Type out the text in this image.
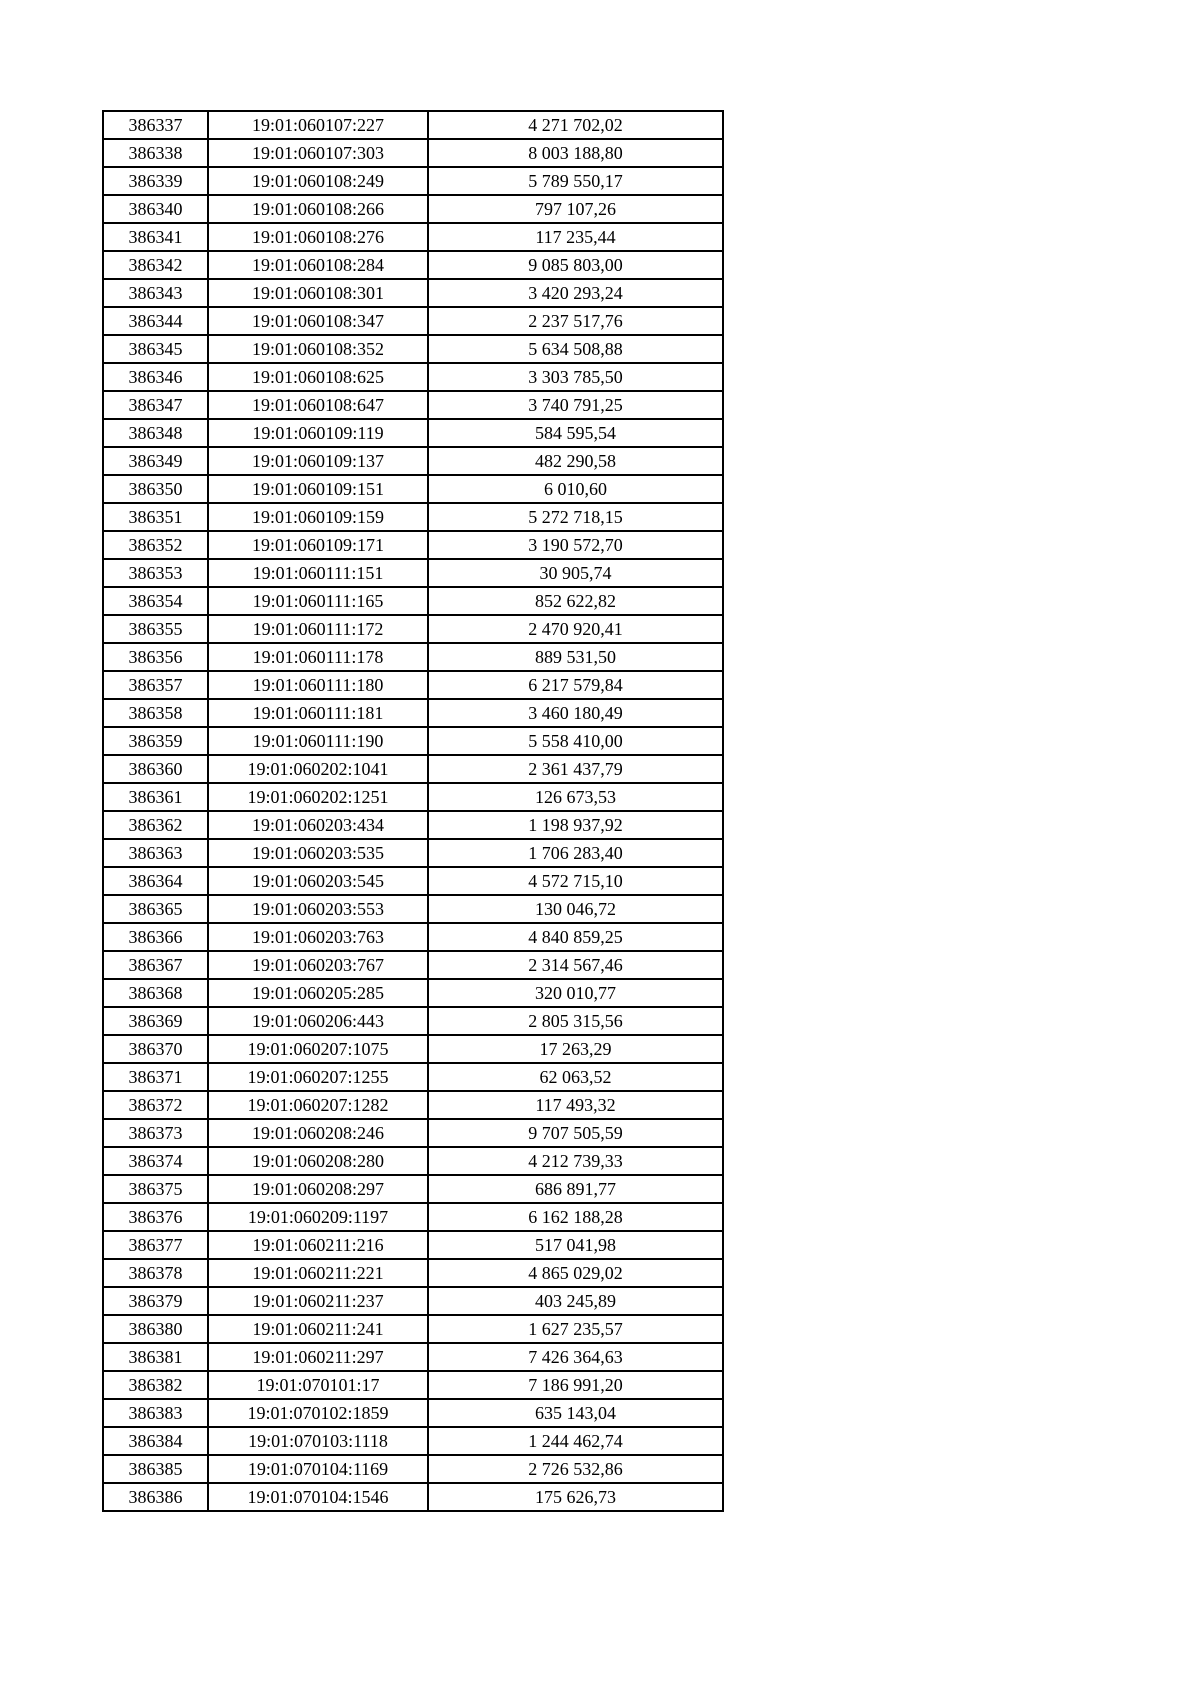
386337	19:01:060107:227	4 271 702,02
386338	19:01:060107:303	8 003 188,80
386339	19:01:060108:249	5 789 550,17
386340	19:01:060108:266	797 107,26
386341	19:01:060108:276	117 235,44
386342	19:01:060108:284	9 085 803,00
386343	19:01:060108:301	3 420 293,24
386344	19:01:060108:347	2 237 517,76
386345	19:01:060108:352	5 634 508,88
386346	19:01:060108:625	3 303 785,50
386347	19:01:060108:647	3 740 791,25
386348	19:01:060109:119	584 595,54
386349	19:01:060109:137	482 290,58
386350	19:01:060109:151	6 010,60
386351	19:01:060109:159	5 272 718,15
386352	19:01:060109:171	3 190 572,70
386353	19:01:060111:151	30 905,74
386354	19:01:060111:165	852 622,82
386355	19:01:060111:172	2 470 920,41
386356	19:01:060111:178	889 531,50
386357	19:01:060111:180	6 217 579,84
386358	19:01:060111:181	3 460 180,49
386359	19:01:060111:190	5 558 410,00
386360	19:01:060202:1041	2 361 437,79
386361	19:01:060202:1251	126 673,53
386362	19:01:060203:434	1 198 937,92
386363	19:01:060203:535	1 706 283,40
386364	19:01:060203:545	4 572 715,10
386365	19:01:060203:553	130 046,72
386366	19:01:060203:763	4 840 859,25
386367	19:01:060203:767	2 314 567,46
386368	19:01:060205:285	320 010,77
386369	19:01:060206:443	2 805 315,56
386370	19:01:060207:1075	17 263,29
386371	19:01:060207:1255	62 063,52
386372	19:01:060207:1282	117 493,32
386373	19:01:060208:246	9 707 505,59
386374	19:01:060208:280	4 212 739,33
386375	19:01:060208:297	686 891,77
386376	19:01:060209:1197	6 162 188,28
386377	19:01:060211:216	517 041,98
386378	19:01:060211:221	4 865 029,02
386379	19:01:060211:237	403 245,89
386380	19:01:060211:241	1 627 235,57
386381	19:01:060211:297	7 426 364,63
386382	19:01:070101:17	7 186 991,20
386383	19:01:070102:1859	635 143,04
386384	19:01:070103:1118	1 244 462,74
386385	19:01:070104:1169	2 726 532,86
386386	19:01:070104:1546	175 626,73
